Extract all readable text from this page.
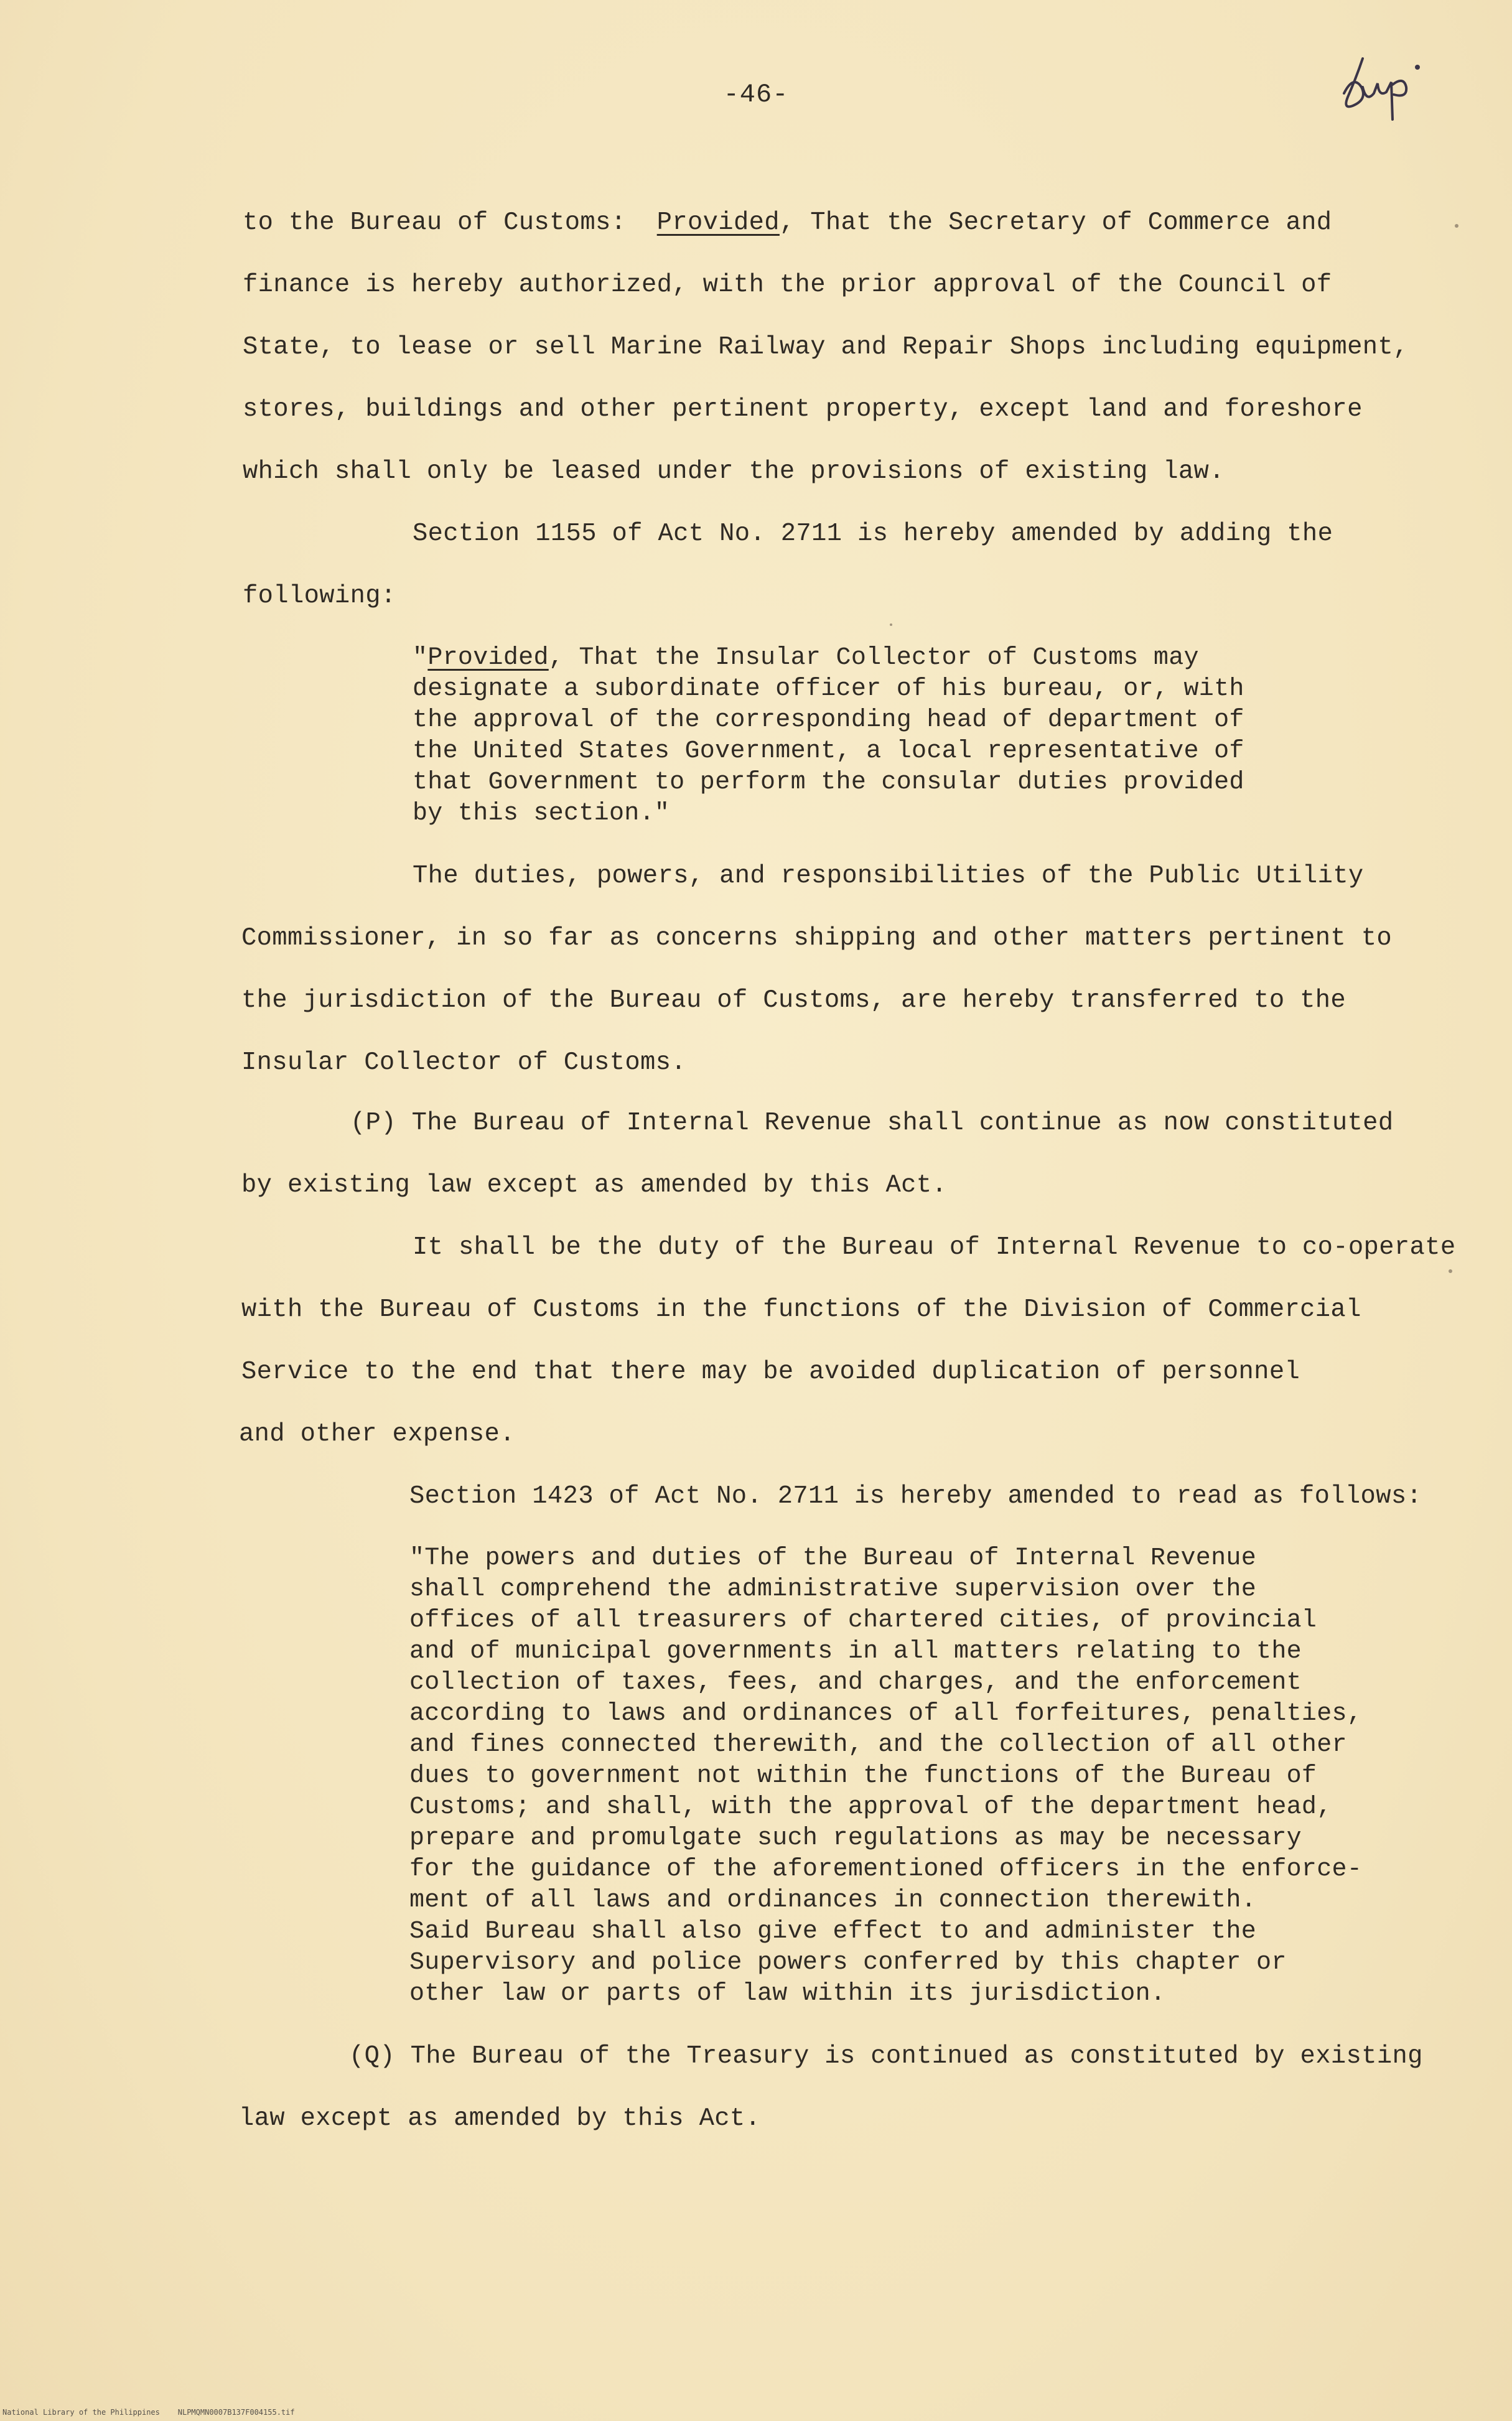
-46-
to the Bureau of Customs:  Provided, That the Secretary of Commerce and
finance is hereby authorized, with the prior approval of the Council of
State, to lease or sell Marine Railway and Repair Shops including equipment,
stores, buildings and other pertinent property, except land and foreshore
which shall only be leased under the provisions of existing law.
Section 1155 of Act No. 2711 is hereby amended by adding the
following:
"Provided, That the Insular Collector of Customs may
designate a subordinate officer of his bureau, or, with
the approval of the corresponding head of department of
the United States Government, a local representative of
that Government to perform the consular duties provided
by this section."
The duties, powers, and responsibilities of the Public Utility
Commissioner, in so far as concerns shipping and other matters pertinent to
the jurisdiction of the Bureau of Customs, are hereby transferred to the
Insular Collector of Customs.
(P) The Bureau of Internal Revenue shall continue as now constituted
by existing law except as amended by this Act.
It shall be the duty of the Bureau of Internal Revenue to co-operate
with the Bureau of Customs in the functions of the Division of Commercial
Service to the end that there may be avoided duplication of personnel
and other expense.
Section 1423 of Act No. 2711 is hereby amended to read as follows:
"The powers and duties of the Bureau of Internal Revenue
shall comprehend the administrative supervision over the
offices of all treasurers of chartered cities, of provincial
and of municipal governments in all matters relating to the
collection of taxes, fees, and charges, and the enforcement
according to laws and ordinances of all forfeitures, penalties,
and fines connected therewith, and the collection of all other
dues to government not within the functions of the Bureau of
Customs; and shall, with the approval of the department head,
prepare and promulgate such regulations as may be necessary
for the guidance of the aforementioned officers in the enforce-
ment of all laws and ordinances in connection therewith.
Said Bureau shall also give effect to and administer the
Supervisory and police powers conferred by this chapter or
other law or parts of law within its jurisdiction.
(Q) The Bureau of the Treasury is continued as constituted by existing
law except as amended by this Act.
National Library of the Philippines    NLPMQMN0007B137F004155.tif
